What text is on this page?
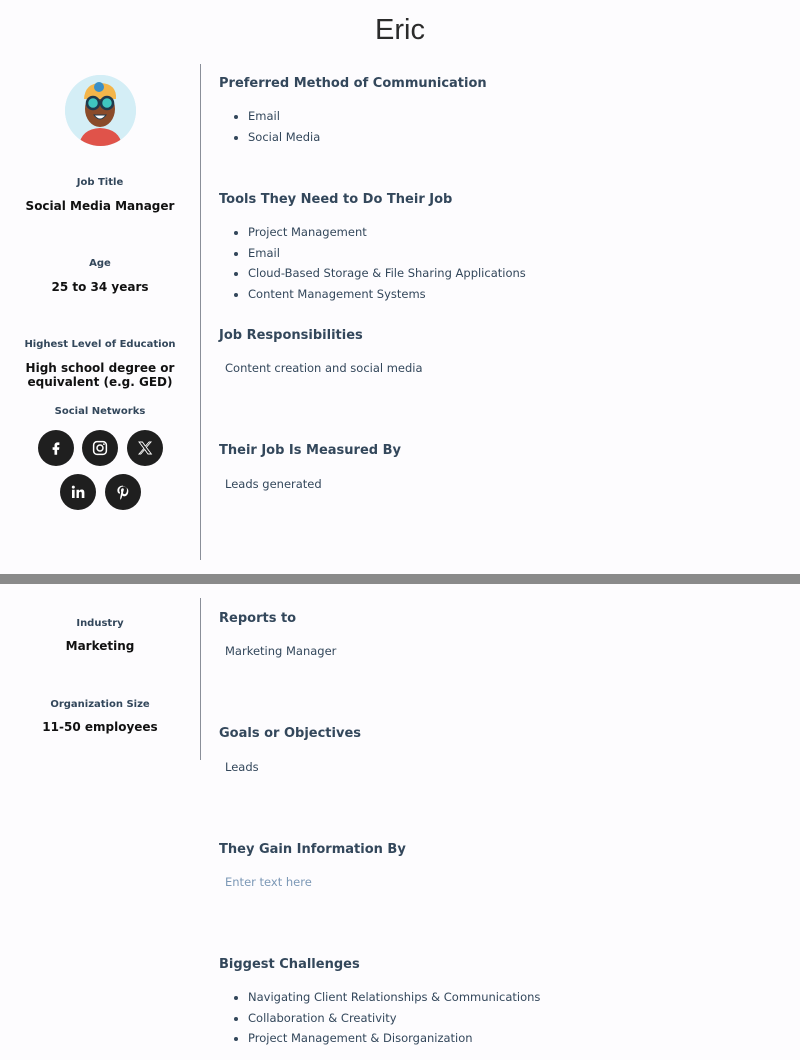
Eric
Job Title
Social Media Manager
Age
25 to 34 years
Highest Level of Education
High school degree or equivalent (e.g. GED)
Social Networks
Preferred Method of Communication
Email
Social Media
Tools They Need to Do Their Job
Project Management
Email
Cloud-Based Storage & File Sharing Applications
Content Management Systems
Job Responsibilities
Content creation and social media
Their Job Is Measured By
Leads generated
Industry
Marketing
Organization Size
11-50 employees
Reports to
Marketing Manager
Goals or Objectives
Leads
They Gain Information By
Enter text here
Biggest Challenges
Navigating Client Relationships & Communications
Collaboration & Creativity
Project Management & Disorganization
